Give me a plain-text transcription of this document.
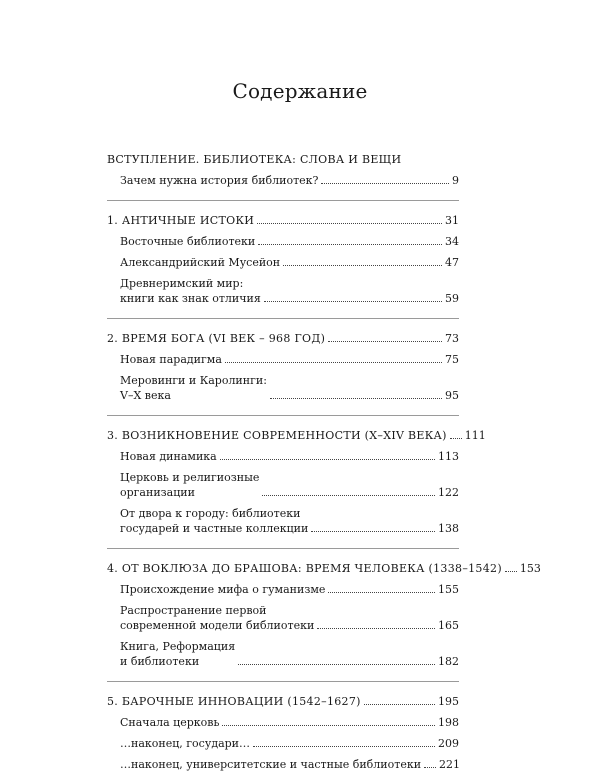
Содержание
ВСТУПЛЕНИЕ. БИБЛИОТЕКА: СЛОВА И ВЕЩИ
Зачем нужна история библиотек?	9
1. АНТИЧНЫЕ ИСТОКИ	31
Восточные библиотеки	34
Александрийский Мусейон	47
Древнеримский мир:
книги как знак отличия	59
2. ВРЕМЯ БОГА (VI ВЕК – 968 ГОД)	73
Новая парадигма	75
Меровинги и Каролинги:
V–X века	95
3. ВОЗНИКНОВЕНИЕ СОВРЕМЕННОСТИ (X–XIV ВЕКА) 111
Новая динамика	113
Церковь и религиозные
организации	122
От двора к городу: библиотеки
государей и частные коллекции	138
4. ОТ ВОКЛЮЗА ДО БРАШОВА: ВРЕМЯ ЧЕЛОВЕКА (1338–1542) 153
Происхождение мифа о гуманизме	155
Распространение первой
современной модели библиотеки	165
Книга, Реформация
и библиотеки	182
5. БАРОЧНЫЕ ИННОВАЦИИ (1542–1627)	195
Сначала церковь	198
…наконец, государи…	209
…наконец, университетские и частные библиотеки 221
